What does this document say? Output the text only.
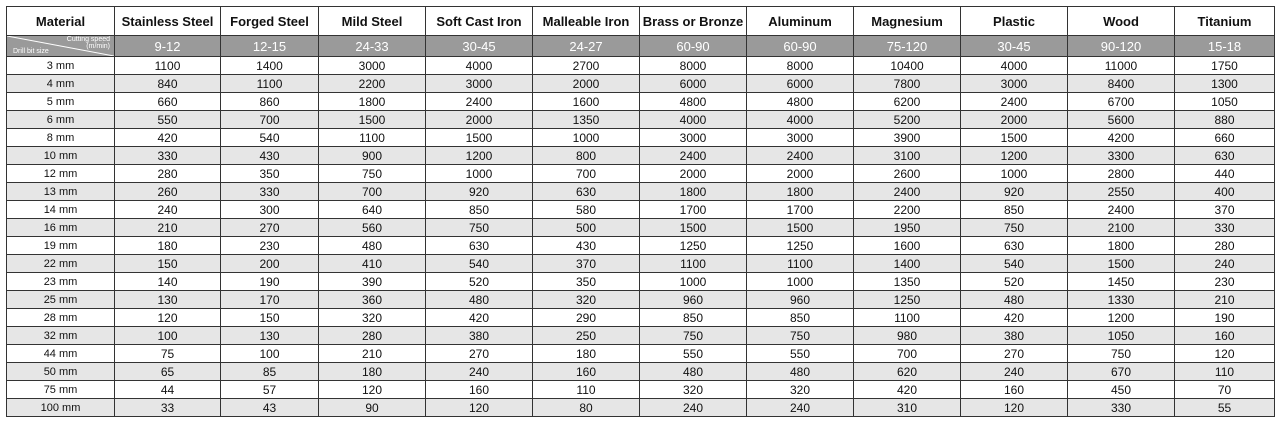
Material	Stainless Steel	Forged Steel	Mild Steel	Soft Cast Iron	Malleable Iron	Brass or Bronze	Aluminum	Magnesium	Plastic	Wood	Titanium

Cutting speed
(m/min)
Drill bit size	9-12	12-15	24-33	30-45	24-27	60-90	60-90	75-120	30-45	90-120	15-18
3 mm	1100	1400	3000	4000	2700	8000	8000	10400	4000	11000	1750
4 mm	840	1100	2200	3000	2000	6000	6000	7800	3000	8400	1300
5 mm	660	860	1800	2400	1600	4800	4800	6200	2400	6700	1050
6 mm	550	700	1500	2000	1350	4000	4000	5200	2000	5600	880
8 mm	420	540	1100	1500	1000	3000	3000	3900	1500	4200	660
10 mm	330	430	900	1200	800	2400	2400	3100	1200	3300	630
12 mm	280	350	750	1000	700	2000	2000	2600	1000	2800	440
13 mm	260	330	700	920	630	1800	1800	2400	920	2550	400
14 mm	240	300	640	850	580	1700	1700	2200	850	2400	370
16 mm	210	270	560	750	500	1500	1500	1950	750	2100	330
19 mm	180	230	480	630	430	1250	1250	1600	630	1800	280
22 mm	150	200	410	540	370	1100	1100	1400	540	1500	240
23 mm	140	190	390	520	350	1000	1000	1350	520	1450	230
25 mm	130	170	360	480	320	960	960	1250	480	1330	210
28 mm	120	150	320	420	290	850	850	1100	420	1200	190
32 mm	100	130	280	380	250	750	750	980	380	1050	160
44 mm	75	100	210	270	180	550	550	700	270	750	120
50 mm	65	85	180	240	160	480	480	620	240	670	110
75 mm	44	57	120	160	110	320	320	420	160	450	70
100 mm	33	43	90	120	80	240	240	310	120	330	55
